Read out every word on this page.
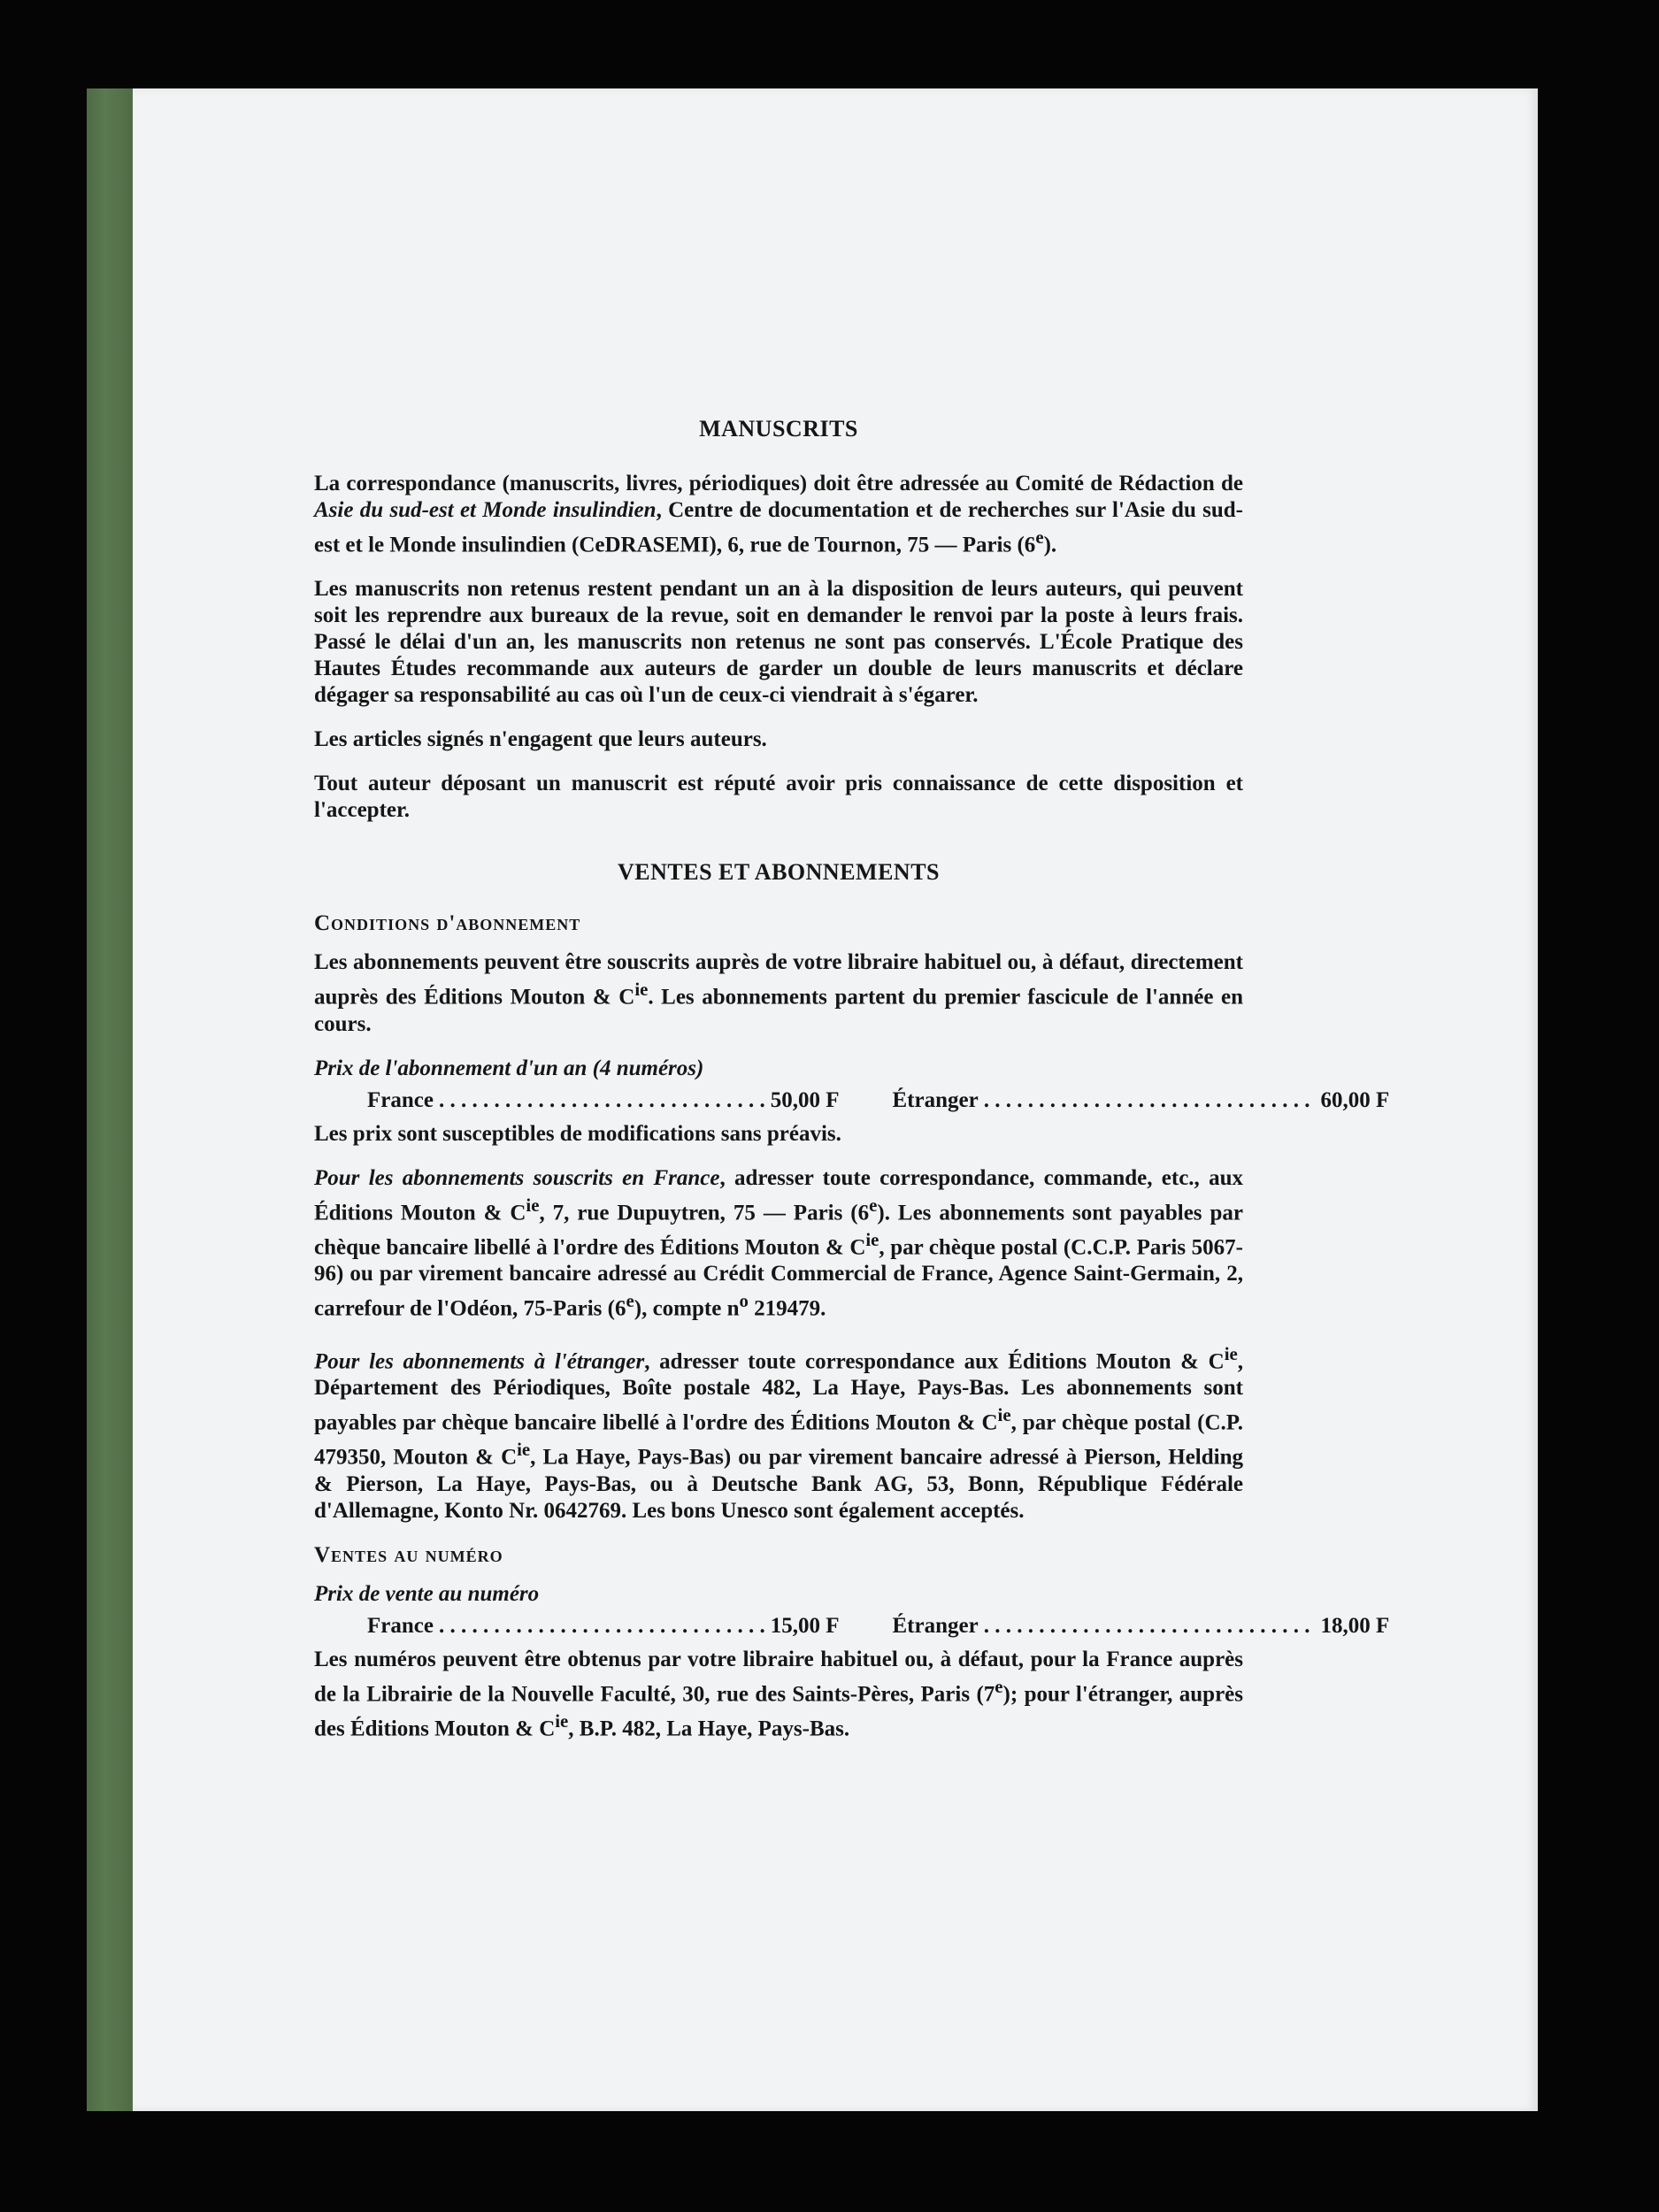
MANUSCRITS

La correspondance (manuscrits, livres, périodiques) doit être adressée au Comité de Rédaction de Asie du sud-est et Monde insulindien, Centre de documentation et de recherches sur l'Asie du sud-est et le Monde insulindien (CeDRASEMI), 6, rue de Tournon, 75 — Paris (6e).

Les manuscrits non retenus restent pendant un an à la disposition de leurs auteurs, qui peuvent soit les reprendre aux bureaux de la revue, soit en demander le renvoi par la poste à leurs frais. Passé le délai d'un an, les manuscrits non retenus ne sont pas conservés. L'École Pratique des Hautes Études recommande aux auteurs de garder un double de leurs manuscrits et déclare dégager sa responsabilité au cas où l'un de ceux-ci viendrait à s'égarer.

Les articles signés n'engagent que leurs auteurs.

Tout auteur déposant un manuscrit est réputé avoir pris connaissance de cette disposition et l'accepter.

VENTES ET ABONNEMENTS
Conditions d'abonnement

Les abonnements peuvent être souscrits auprès de votre libraire habituel ou, à défaut, directement auprès des Éditions Mouton & $C^{ie}$. Les abonnements partent du premier fascicule de l'année en cours.

Prix de l'abonnement d'un an (4 numéros)
France . . . . . . . . . . . . . . . . . . . . . . . . . . . . . . 50,00 F Étranger . . . . . . . . . . . . . . . . . . . . . . . . . . . . . . 60,00 F

Les prix sont susceptibles de modifications sans préavis.

Pour les abonnements souscrits en France, adresser toute correspondance, commande, etc., aux Éditions Mouton & $C^{ie}$, 7, rue Dupuytren, 75 — Paris (6e). Les abonnements sont payables par chèque bancaire libellé à l'ordre des Éditions Mouton & $C^{ie}$, par chèque postal (C.C.P. Paris 5067-96) ou par virement bancaire adressé au Crédit Commercial de France, Agence Saint-Germain, 2, carrefour de l'Odéon, 75-Paris (6e), compte $n^o$ 219479.

Pour les abonnements à l'étranger, adresser toute correspondance aux Éditions Mouton & $C^{ie}$, Département des Périodiques, Boîte postale 482, La Haye, Pays-Bas. Les abonnements sont payables par chèque bancaire libellé à l'ordre des Éditions Mouton & $C^{ie}$, par chèque postal (C.P. 479350, Mouton & $C^{ie}$, La Haye, Pays-Bas) ou par virement bancaire adressé à Pierson, Helding & Pierson, La Haye, Pays-Bas, ou à Deutsche Bank AG, 53, Bonn, République Fédérale d'Allemagne, Konto Nr. 0642769. Les bons Unesco sont également acceptés.

Ventes au numéro
Prix de vente au numéro
France . . . . . . . . . . . . . . . . . . . . . . . . . . . . . . 15,00 F Étranger . . . . . . . . . . . . . . . . . . . . . . . . . . . . . . 18,00 F

Les numéros peuvent être obtenus par votre libraire habituel ou, à défaut, pour la France auprès de la Librairie de la Nouvelle Faculté, 30, rue des Saints-Pères, Paris (7e); pour l'étranger, auprès des Éditions Mouton & $C^{ie}$, B.P. 482, La Haye, Pays-Bas.
